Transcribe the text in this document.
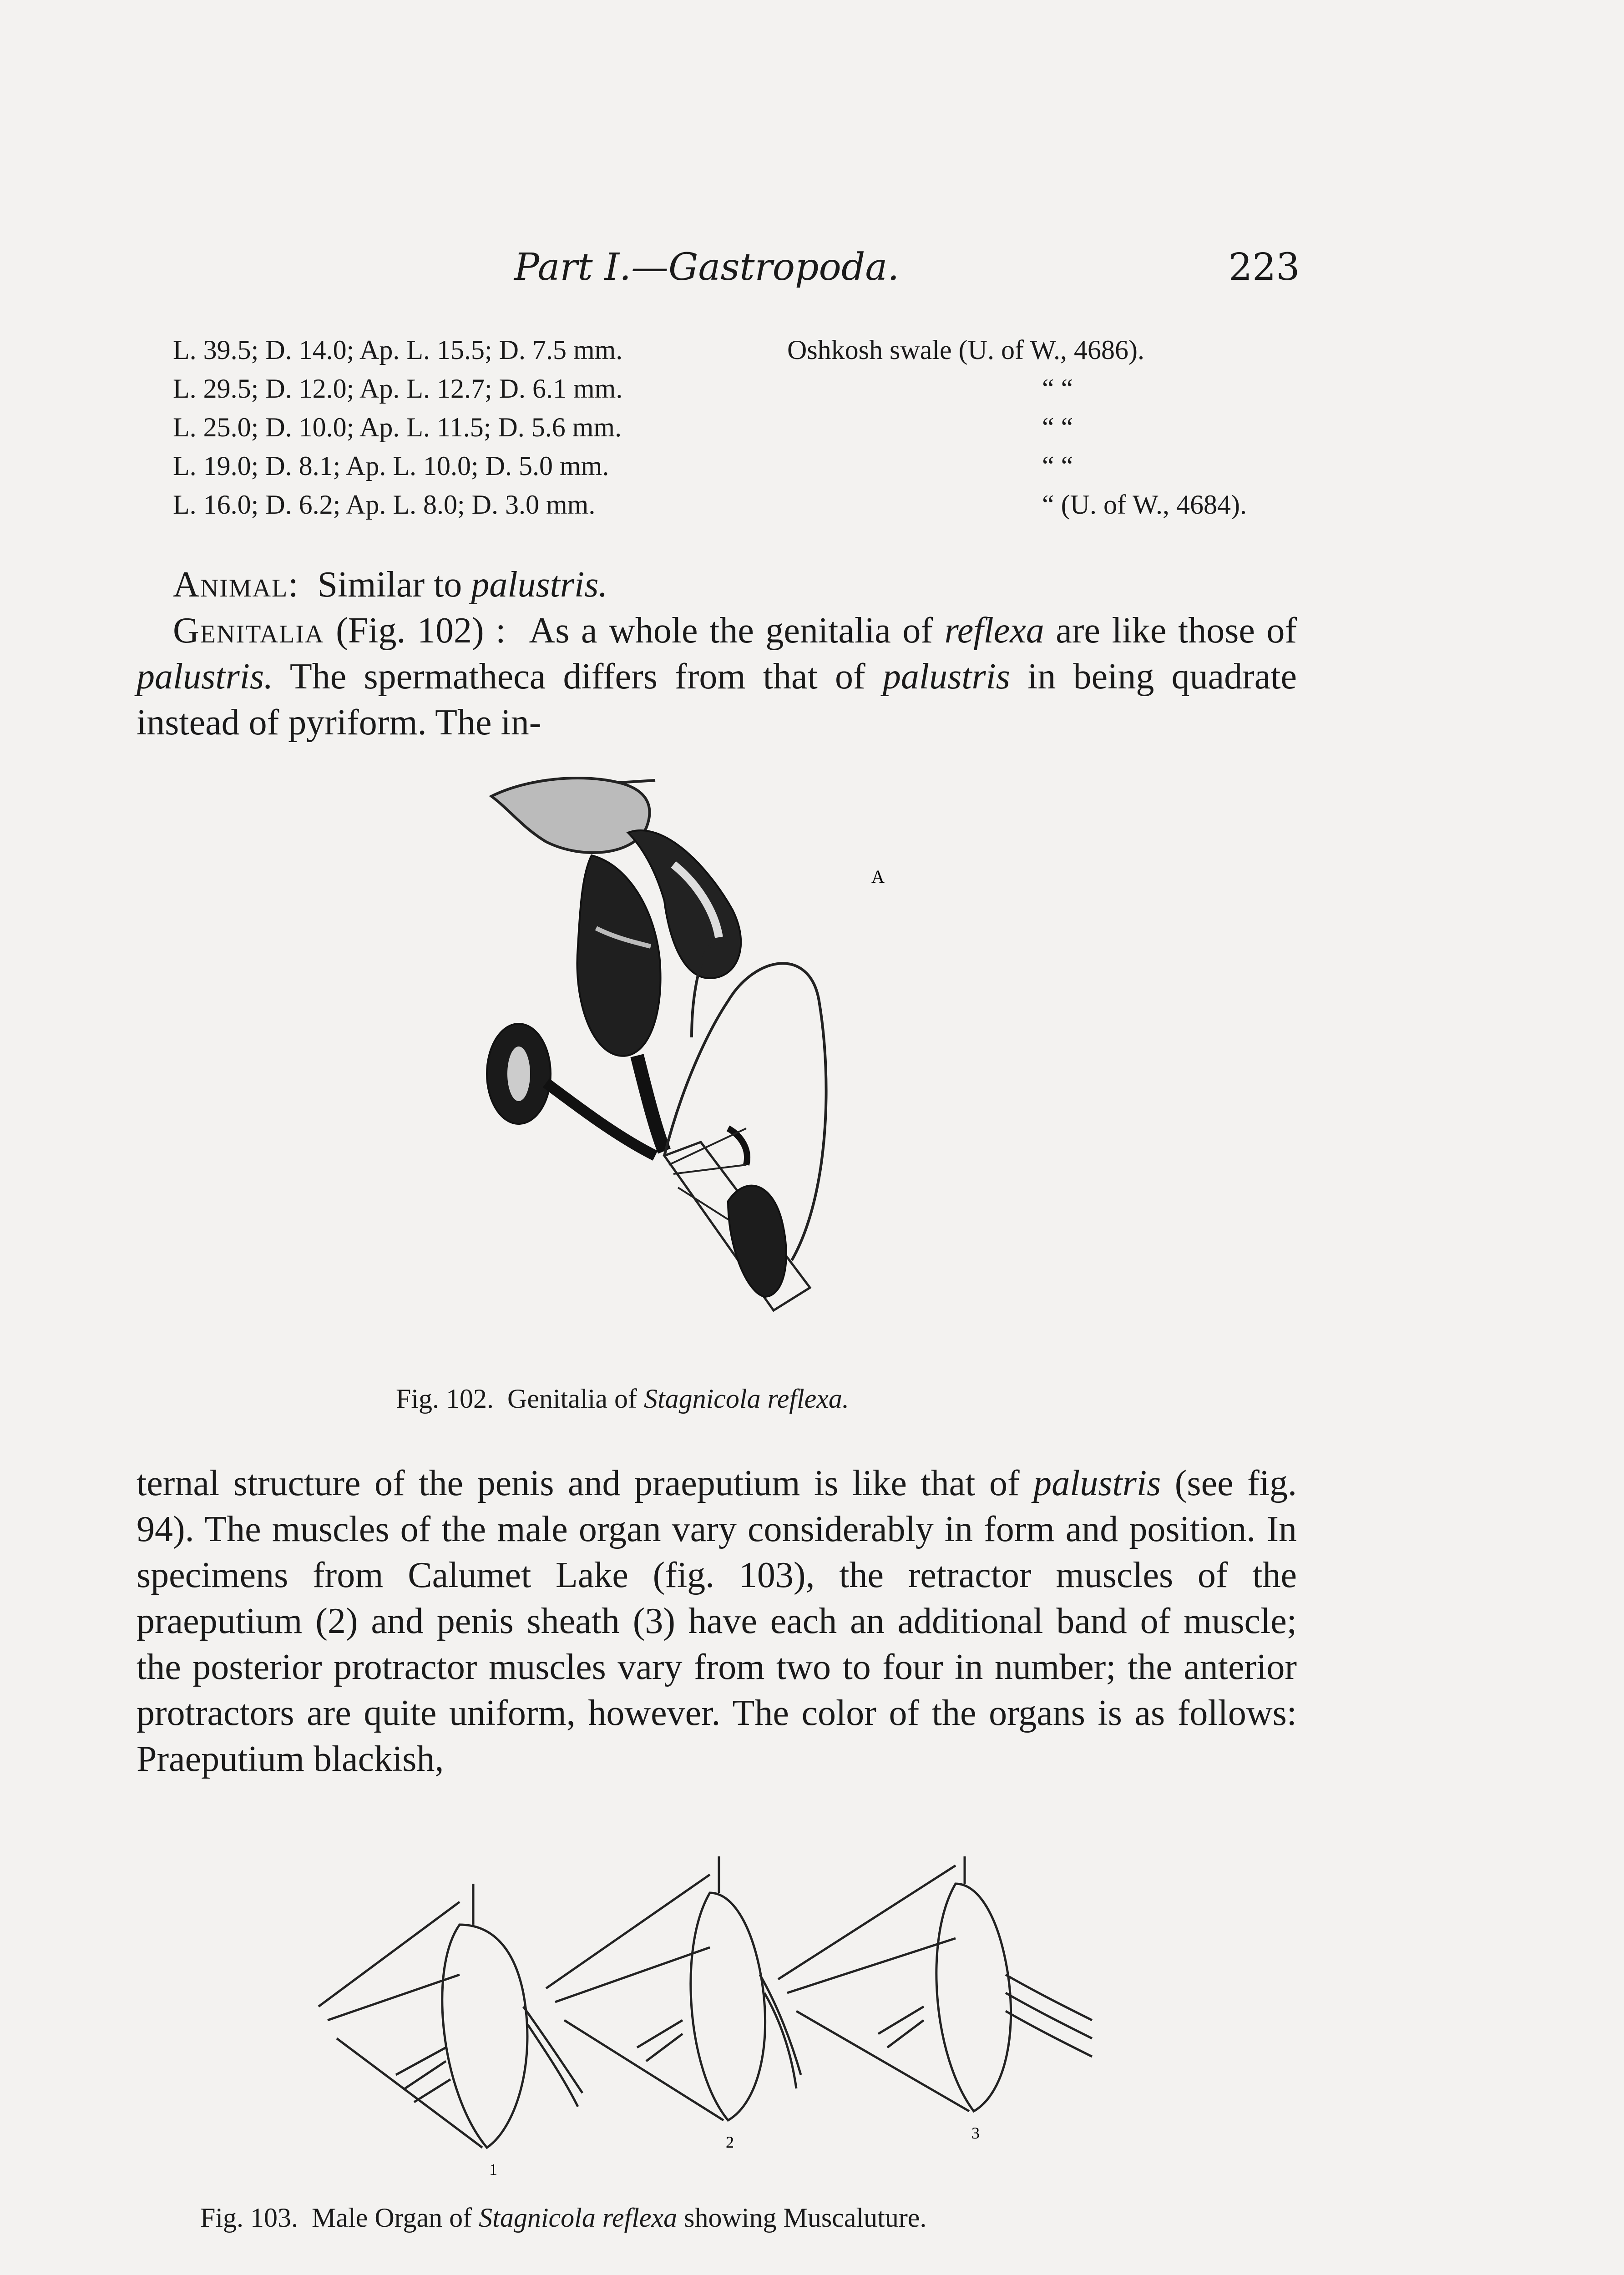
Part I.—Gastropoda.	223
L. 39.5; D. 14.0; Ap. L. 15.5; D. 7.5 mm.	Oshkosh swale (U. of W., 4686).
L. 29.5; D. 12.0; Ap. L. 12.7; D. 6.1 mm.	“ “
L. 25.0; D. 10.0; Ap. L. 11.5; D. 5.6 mm.	“ “
L. 19.0; D. 8.1; Ap. L. 10.0; D. 5.0 mm.	“ “
L. 16.0; D. 6.2; Ap. L. 8.0; D. 3.0 mm.	“ (U. of W., 4684).
Animal: Similar to palustris.
Genitalia (Fig. 102) : As a whole the genitalia of reflexa are like those of palustris. The spermatheca differs from that of palustris in being quadrate instead of pyriform. The in-
A
Fig. 102. Genitalia of Stagnicola reflexa.
ternal structure of the penis and praeputium is like that of palustris (see fig. 94). The muscles of the male organ vary considerably in form and position. In specimens from Calumet Lake (fig. 103), the retractor muscles of the praeputium (2) and penis sheath (3) have each an additional band of muscle; the posterior protractor muscles vary from two to four in number; the anterior protractors are quite uniform, however. The color of the organs is as follows: Praeputium blackish,
1
2	3
Fig. 103. Male Organ of Stagnicola reflexa showing Muscaluture.
